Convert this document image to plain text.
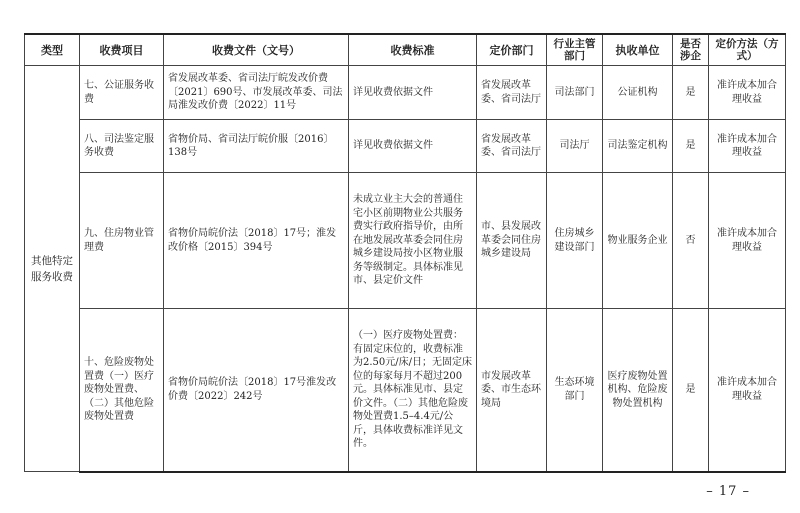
类型	收费项目	收费文件（文号）	收费标准	定价部门	行业主管部门	执收单位	是否涉企	定价方法（方式）
其他特定服务收费	七、公证服务收费	省发展改革委、省司法厅皖发改价费〔2021〕690号、市发展改革委、司法局淮发改价费〔2022〕11号	详见收费依据文件	省发展改革委、省司法厅	司法部门	公证机构	是	准许成本加合理收益
	八、司法鉴定服务收费	省物价局、省司法厅皖价服〔2016〕138号	详见收费依据文件	省发展改革委、省司法厅	司法厅	司法鉴定机构	是	准许成本加合理收益
	九、住房物业管理费	省物价局皖价法〔2018〕17号；淮发改价格〔2015〕394号	未成立业主大会的普通住宅小区前期物业公共服务费实行政府指导价，由所在地发展改革委会同住房城乡建设局按小区物业服务等级制定。具体标准见市、县定价文件	市、县发展改革委会同住房城乡建设局	住房城乡建设部门	物业服务企业	否	准许成本加合理收益
	十、危险废物处置费（一）医疗废物处置费、（二）其他危险废物处置费	省物价局皖价法〔2018〕17号淮发改价费〔2022〕242号	（一）医疗废物处置费：有固定床位的，收费标准为2.50元/床/日；无固定床位的每家每月不超过200元。具体标准见市、县定价文件。（二）其他危险废物处置费1.5–4.4元/公斤，具体收费标准详见文件。	市发展改革委、市生态环境局	生态环境部门	医疗废物处置机构、危险废物处置机构	是	准许成本加合理收益
– 17 –
